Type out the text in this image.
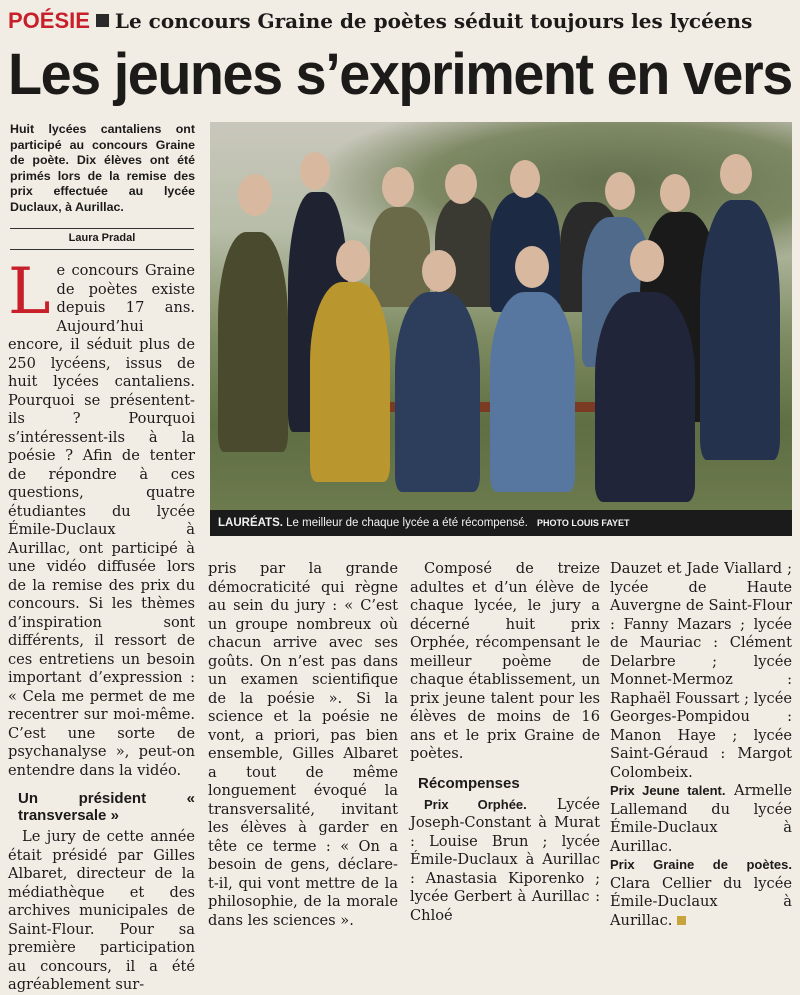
POÉSIE Le concours Graine de poètes séduit toujours les lycéens
Les jeunes s’expriment en vers
Huit lycées cantaliens ont participé au concours Graine de poète. Dix élèves ont été primés lors de la remise des prix effectuée au lycée Duclaux, à Aurillac.
Laura Pradal
Le concours Graine de poètes existe depuis 17 ans. Aujourd’hui encore, il séduit plus de 250 lycéens, issus de huit lycées cantaliens. Pourquoi se présentent-ils ? Pourquoi s’intéressent-ils à la poésie ? Afin de tenter de répondre à ces questions, quatre étudiantes du lycée Émile-Duclaux à Aurillac, ont participé à une vidéo diffusée lors de la remise des prix du concours. Si les thèmes d’inspiration sont différents, il ressort de ces entretiens un besoin important d’expression : « Cela me permet de me recentrer sur moi-même. C’est une sorte de psychanalyse », peut-on entendre dans la vidéo.
Un président « transversale »
Le jury de cette année était présidé par Gilles Albaret, directeur de la médiathèque et des archives municipales de Saint-Flour. Pour sa première participation au concours, il a été agréablement sur-
LAURÉATS. Le meilleur de chaque lycée a été récompensé. PHOTO LOUIS FAYET
pris par la grande démocraticité qui règne au sein du jury : « C’est un groupe nombreux où chacun arrive avec ses goûts. On n’est pas dans un examen scientifique de la poésie ». Si la science et la poésie ne vont, a priori, pas bien ensemble, Gilles Albaret a tout de même longuement évoqué la transversalité, invitant les élèves à garder en tête ce terme : « On a besoin de gens, déclare-t-il, qui vont mettre de la philosophie, de la morale dans les sciences ».
Composé de treize adultes et d’un élève de chaque lycée, le jury a décerné huit prix Orphée, récompensant le meilleur poème de chaque établissement, un prix jeune talent pour les élèves de moins de 16 ans et le prix Graine de poètes.
Récompenses
Prix Orphée. Lycée Joseph-Constant à Murat : Louise Brun ; lycée Émile-Duclaux à Aurillac : Anastasia Kiporenko ; lycée Gerbert à Aurillac : Chloé
Dauzet et Jade Viallard ; lycée de Haute Auvergne de Saint-Flour : Fanny Mazars ; lycée de Mauriac : Clément Delarbre ; lycée Monnet-Mermoz : Raphaël Foussart ; lycée Georges-Pompidou : Manon Haye ; lycée Saint-Géraud : Margot Colombeix.
Prix Jeune talent. Armelle Lallemand du lycée Émile-Duclaux à Aurillac.
Prix Graine de poètes. Clara Cellier du lycée Émile-Duclaux à Aurillac.
